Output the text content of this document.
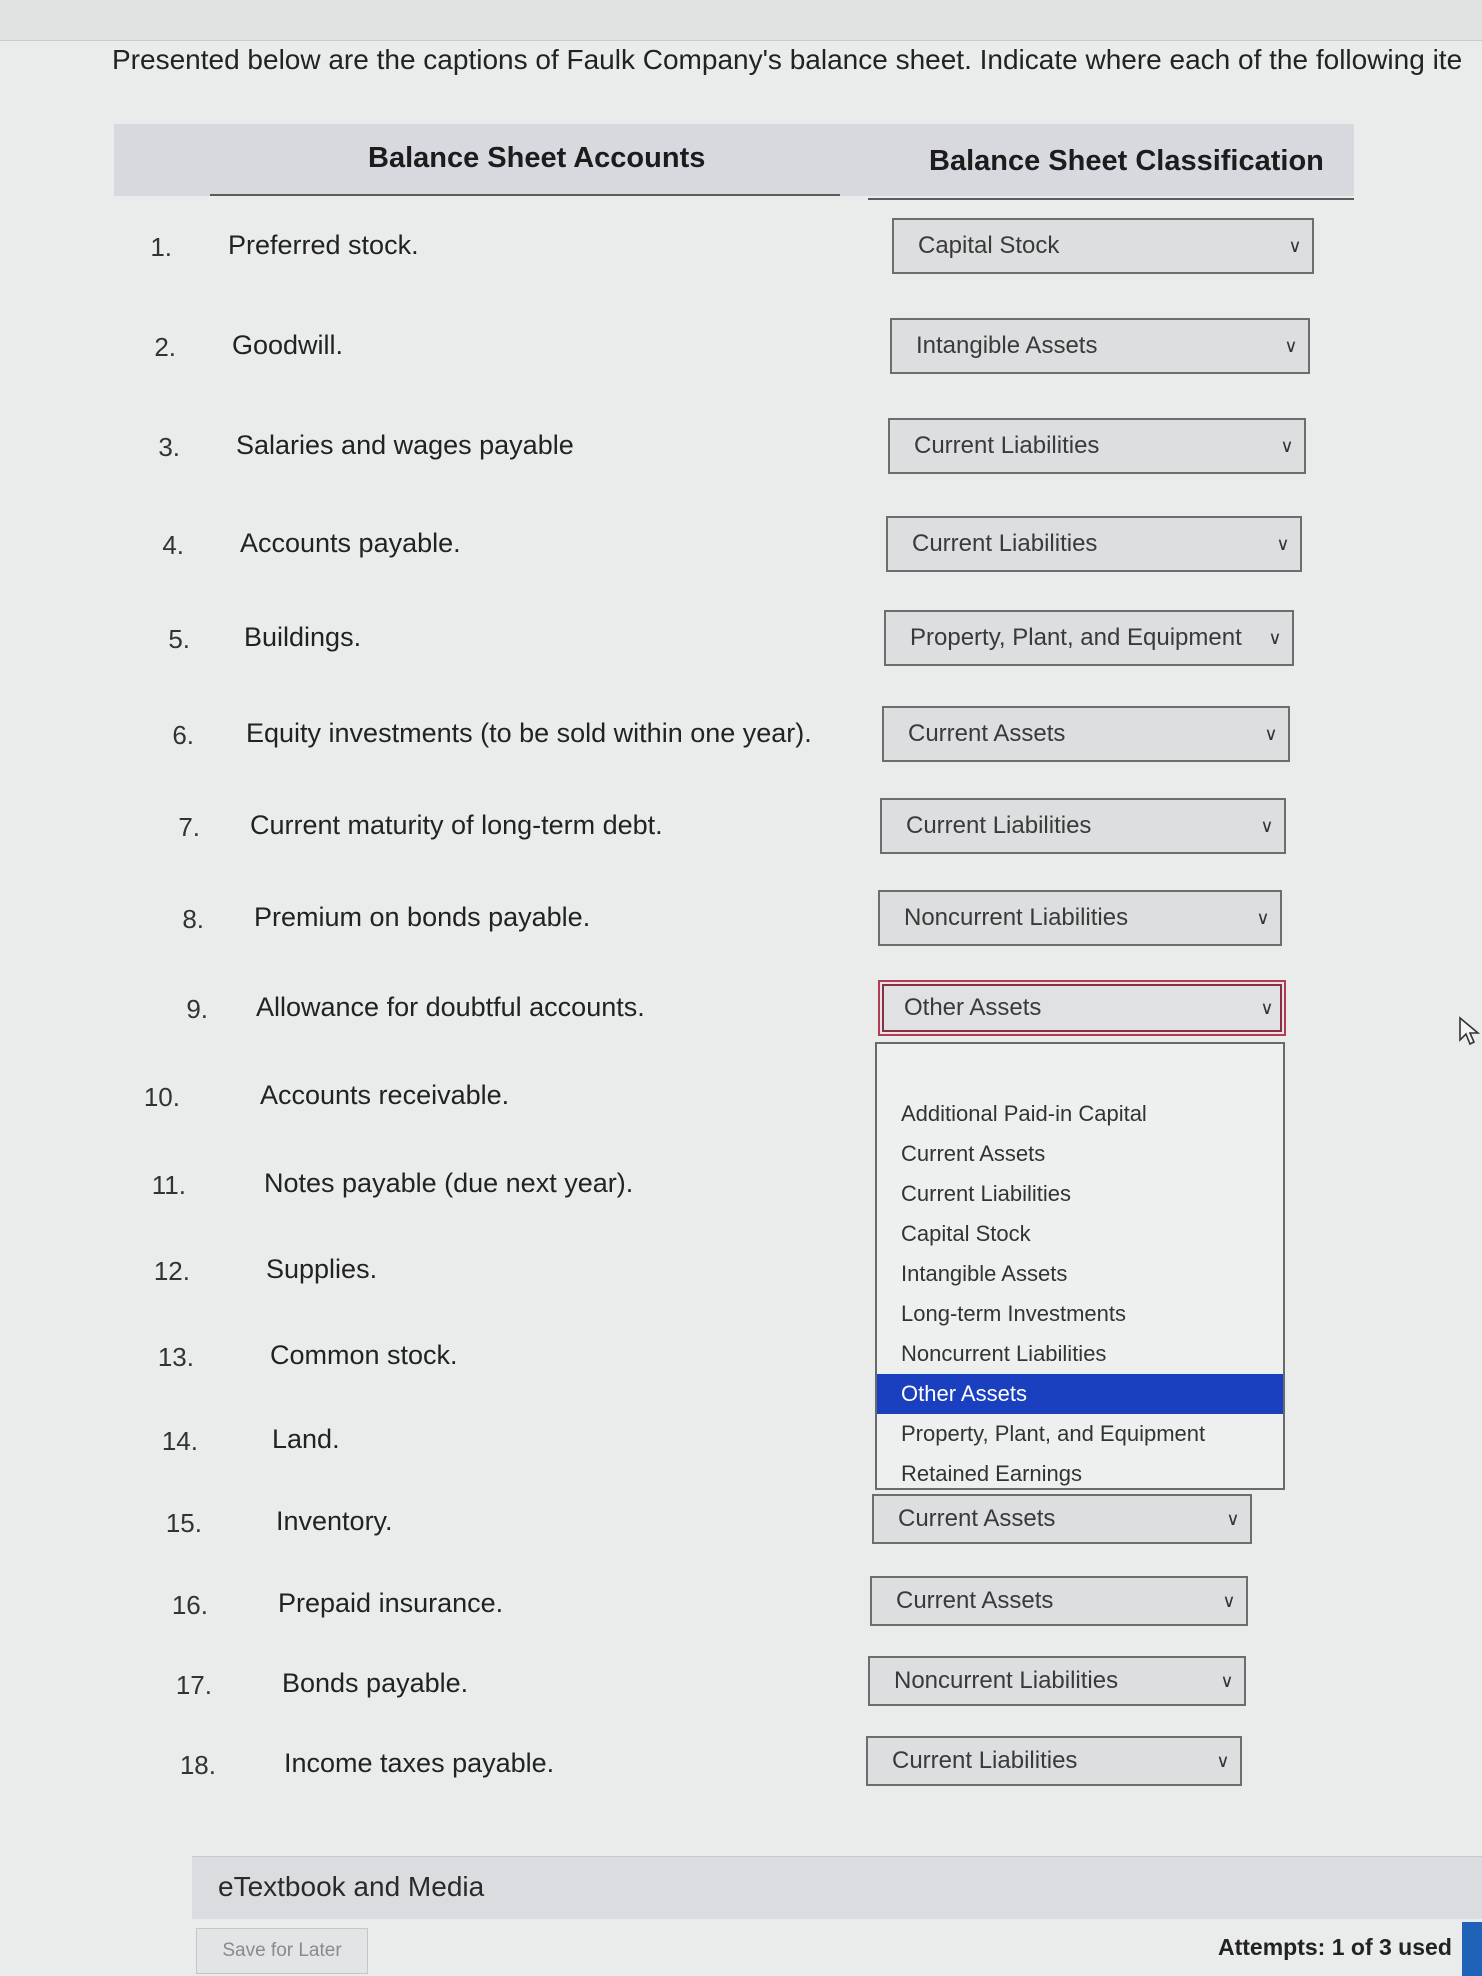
Presented below are the captions of Faulk Company's balance sheet. Indicate where each of the following ite
Balance Sheet Accounts	Balance Sheet Classification
1. Preferred stock.	Capital Stock	∨
2. Goodwill.	Intangible Assets	∨
3. Salaries and wages payable	Current Liabilities	∨
4. Accounts payable.	Current Liabilities	∨
5. Buildings.	Property, Plant, and Equipment	∨
6. Equity investments (to be sold within one year).	Current Assets	∨
7. Current maturity of long-term debt.	Current Liabilities	∨
8. Premium on bonds payable.	Noncurrent Liabilities	∨
9. Allowance for doubtful accounts.	Other Assets	∨
10.	Accounts receivable.
11.	Notes payable (due next year).
12.	Supplies.
13.	Common stock.
14.	Land.
15.	Inventory.	Current Assets	∨
16.	Prepaid insurance.	Current Assets	∨
17.	Bonds payable.	Noncurrent Liabilities	∨
18.	Income taxes payable.	Current Liabilities	∨
Additional Paid-in Capital
Current Assets
Current Liabilities
Capital Stock
Intangible Assets
Long-term Investments
Noncurrent Liabilities
Other Assets
Property, Plant, and Equipment
Retained Earnings
eTextbook and Media
Save for Later	Attempts: 1 of 3 used
